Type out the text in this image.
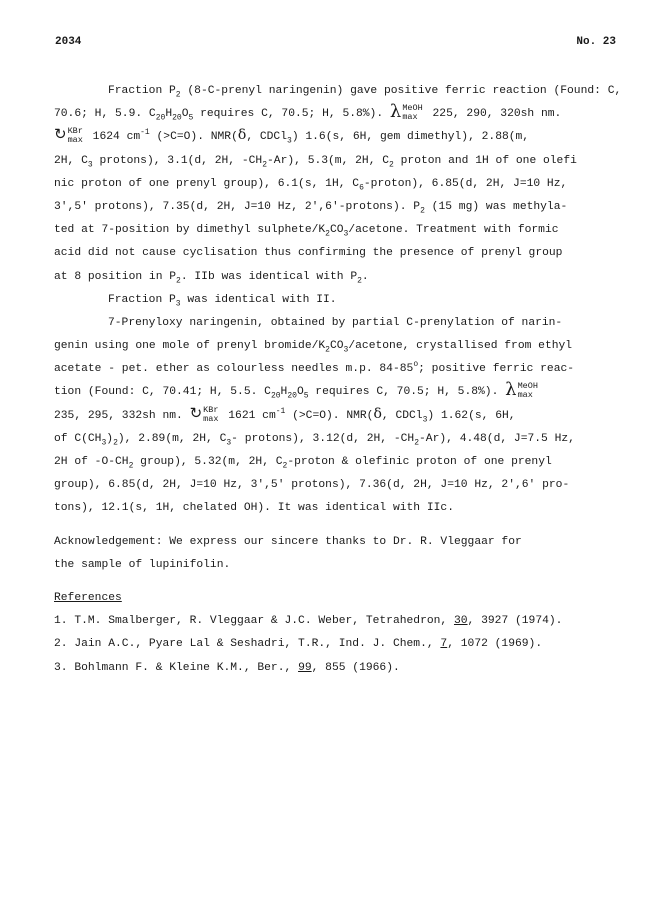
2034	No. 23
Fraction $P_2$ (8-C-prenyl naringenin) gave positive ferric reaction (Found: C,
70.6; H, 5.9. $C_{20}H_{20}O_5$ requires C, 70.5; H, 5.8%). λ MeOH
max 225, 290, 320sh nm.
↻ KBr
max 1624 $cm^{-1}$ (>C=O). NMR(δ, CDCl$_3$) 1.6(s, 6H, gem dimethyl), 2.88(m,
2H, $C_3$ protons), 3.1(d, 2H, $-CH_2-Ar$), 5.3(m, 2H, $C_2$ proton and 1H of one olefi
nic proton of one prenyl group), 6.1(s, 1H, $C_6-proton$), 6.85(d, 2H, J=10 Hz,
3',5' protons), 7.35(d, 2H, J=10 Hz, 2',6'-protons). $P_2$ (15 mg) was methyla-
ted at 7-position by dimethyl sulphete/$K_2CO_3$/acetone. Treatment with formic
acid did not cause cyclisation thus confirming the presence of prenyl group
at 8 position in $P_2$. IIb was identical with $P_2$.
Fraction $P_3$ was identical with II.
7-Prenyloxy naringenin, obtained by partial C-prenylation of narin-
genin using one mole of prenyl bromide/$K_2CO_3$/acetone, crystallised from ethyl
acetate - pet. ether as colourless needles m.p. 84-85$^o$; positive ferric reac-
tion (Found: C, 70.41; H, 5.5. $C_{20}H_{20}O_5$ requires C, 70.5; H, 5.8%). λ MeOH
max
235, 295, 332sh nm. ↻ KBr
max 1621 $cm^{-1}$ (>C=O). NMR(δ, CDCl$_3$) 1.62(s, 6H,
of $C(CH_3)_2$), 2.89(m, 2H, $C_3-$ protons), 3.12(d, 2H, $-CH_2-Ar$), 4.48(d, J=7.5 Hz,
2H of $-O-CH_2$ group), 5.32(m, 2H, $C_2$-proton & olefinic proton of one prenyl
group), 6.85(d, 2H, J=10 Hz, 3',5' protons), 7.36(d, 2H, J=10 Hz, 2',6' pro-
tons), 12.1(s, 1H, chelated OH). It was identical with IIc.
Acknowledgement: We express our sincere thanks to Dr. R. Vleggaar for
the sample of lupinifolin.
References
1. T.M. Smalberger, R. Vleggaar & J.C. Weber, Tetrahedron, 30, 3927 (1974).
2. Jain A.C., Pyare Lal & Seshadri, T.R., Ind. J. Chem., 7, 1072 (1969).
3. Bohlmann F. & Kleine K.M., Ber., 99, 855 (1966).
